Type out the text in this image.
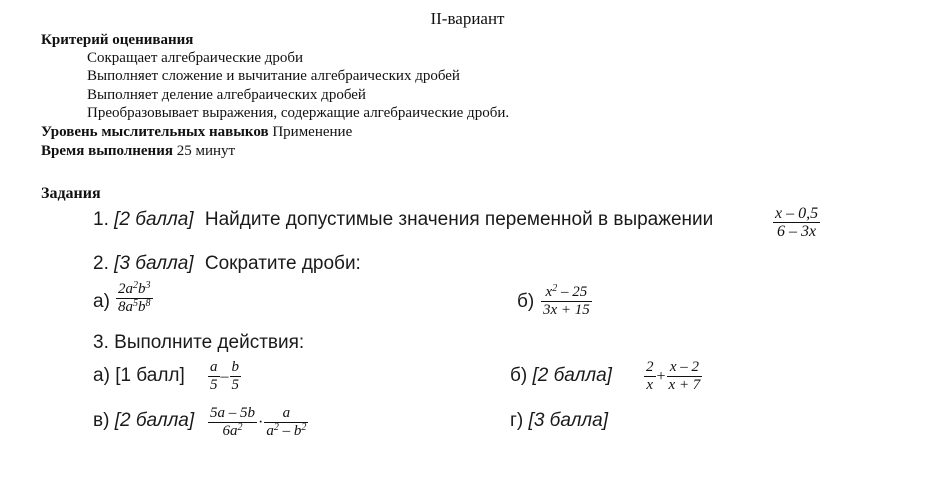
II-вариант
Критерий оценивания
Сокращает алгебраические дроби
Выполняет сложение и вычитание алгебраических дробей
Выполняет деление алгебраических дробей
Преобразовывает выражения, содержащие алгебраические дроби.
Уровень мыслительных навыков Применение
Время выполнения 25 минут
Задания
1. [2 балла] Найдите допустимые значения переменной в выражении	$\frac{x - 0,5}{6 - 3x}$
2. [3 балла] Сократите дроби:
$а) \frac{2a^2b^3}{8a^5b^8}$	$б) \frac{x^2 - 25}{3x + 15}$
3. Выполните действия:
а) [1 балл] $\frac{a}{5} - \frac{b}{5}$	б) [2 балла] $\frac{2}{x} + \frac{x - 2}{x + 7}$
в) [2 балла] $\frac{5a - 5b}{6a^2} \cdot \frac{a}{a^2 - b^2}$	г) [3 балла]
